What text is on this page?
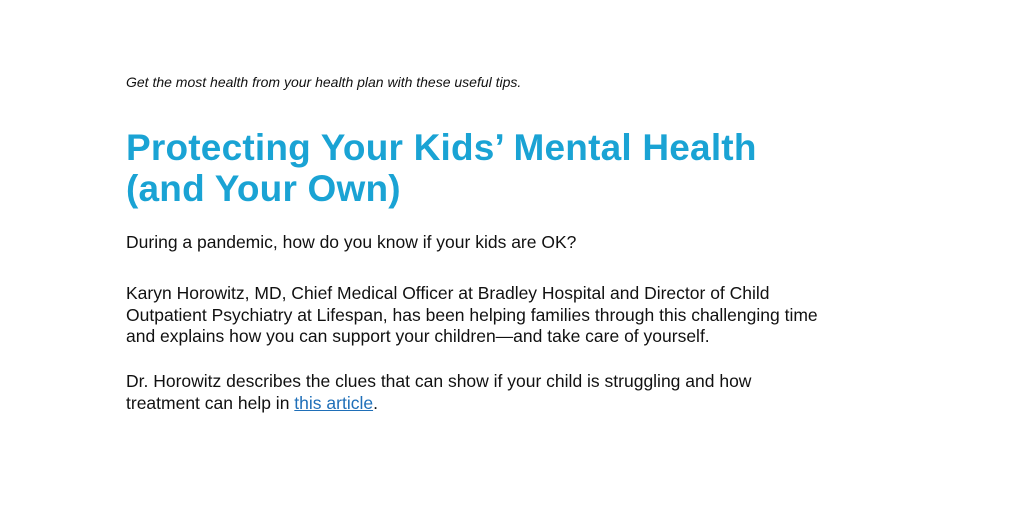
Get the most health from your health plan with these useful tips.

Protecting Your Kids’ Mental Health
(and Your Own)

During a pandemic, how do you know if your kids are OK?

Karyn Horowitz, MD, Chief Medical Officer at Bradley Hospital and Director of Child
Outpatient Psychiatry at Lifespan, has been helping families through this challenging time
and explains how you can support your children—and take care of yourself.

Dr. Horowitz describes the clues that can show if your child is struggling and how
treatment can help in this article.
